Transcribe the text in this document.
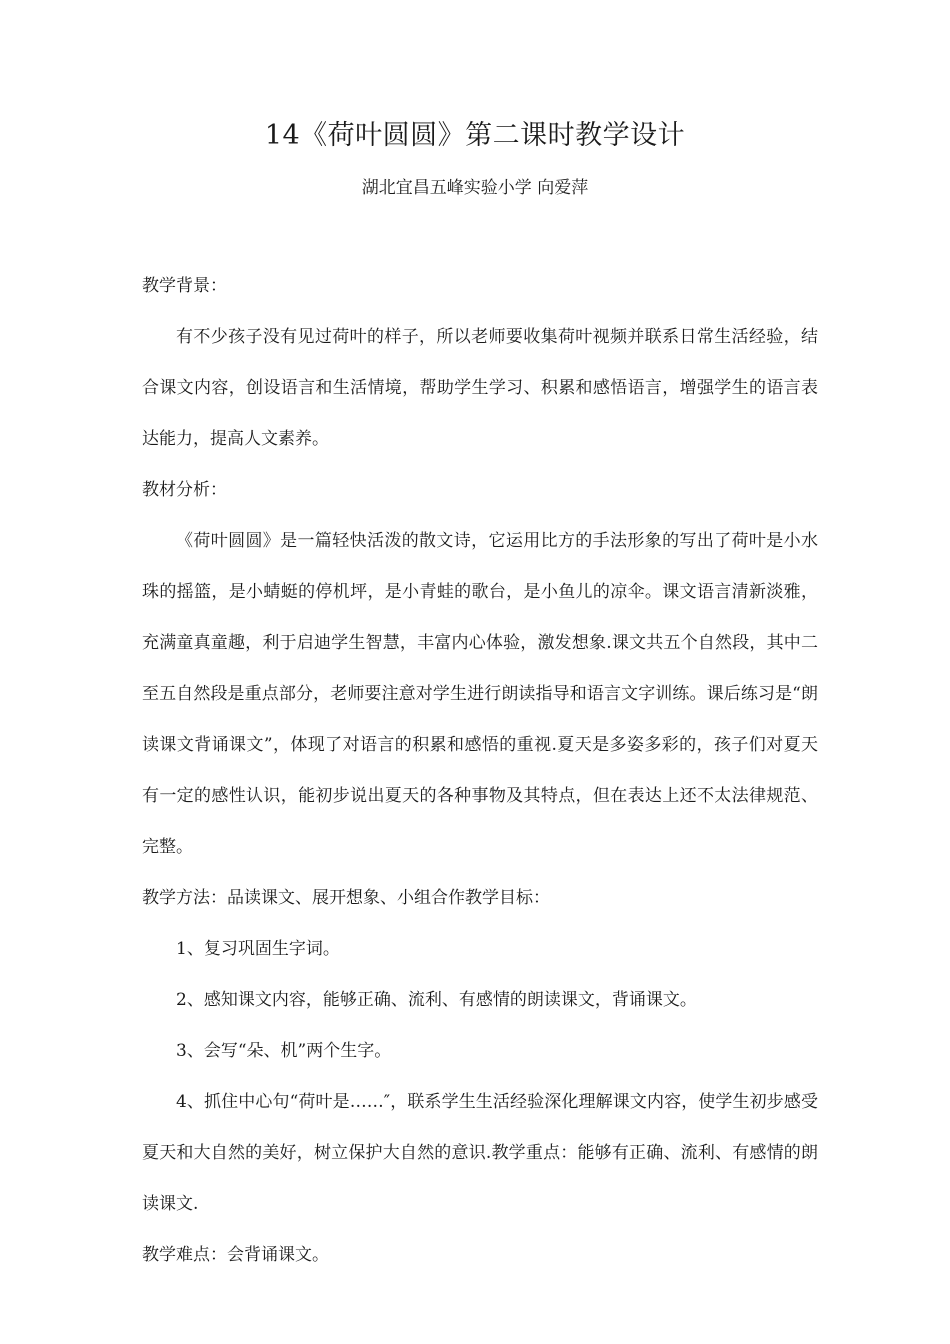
14《荷叶圆圆》第二课时教学设计
湖北宜昌五峰实验小学 向爱萍

教学背景：

有不少孩子没有见过荷叶的样子，所以老师要收集荷叶视频并联系日常生活经验，结合课文内容，创设语言和生活情境，帮助学生学习、积累和感悟语言，增强学生的语言表达能力，提高人文素养。

教材分析：

《荷叶圆圆》是一篇轻快活泼的散文诗，它运用比方的手法形象的写出了荷叶是小水珠的摇篮，是小蜻蜓的停机坪，是小青蛙的歌台，是小鱼儿的凉伞。课文语言清新淡雅，充满童真童趣，利于启迪学生智慧，丰富内心体验，激发想象.课文共五个自然段，其中二至五自然段是重点部分，老师要注意对学生进行朗读指导和语言文字训练。课后练习是“朗读课文背诵课文”，体现了对语言的积累和感悟的重视.夏天是多姿多彩的，孩子们对夏天有一定的感性认识，能初步说出夏天的各种事物及其特点，但在表达上还不太法律规范、完整。

教学方法：品读课文、展开想象、小组合作教学目标：

1、复习巩固生字词。

2、感知课文内容，能够正确、流利、有感情的朗读课文，背诵课文。

3、会写“朵、机”两个生字。

4、抓住中心句“荷叶是……″，联系学生生活经验深化理解课文内容，使学生初步感受夏天和大自然的美好，树立保护大自然的意识.教学重点：能够有正确、流利、有感情的朗读课文.

教学难点：会背诵课文。
